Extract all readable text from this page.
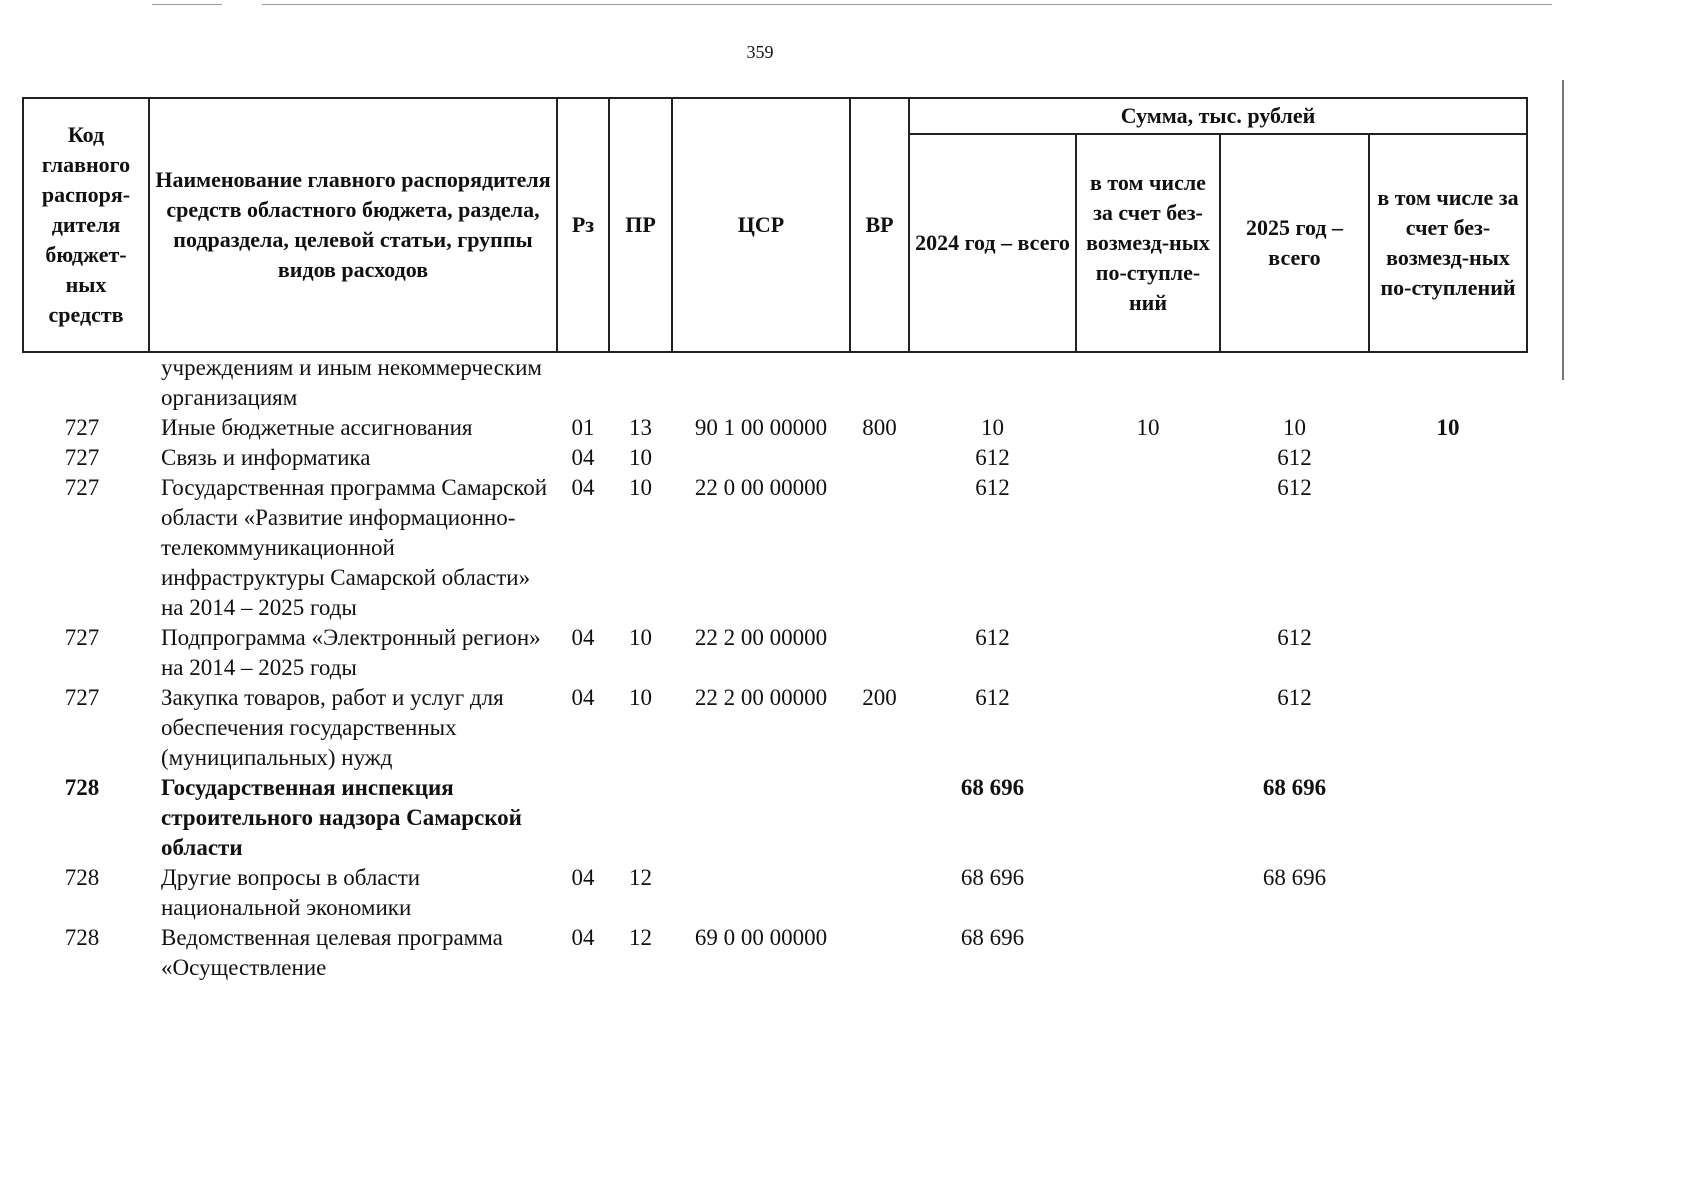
359
Код главного распоря-дителя бюджет-ных средств	Наименование главного распорядителя средств областного бюджета, раздела, подраздела, целевой статьи, группы видов расходов	Рз	ПР	ЦСР	ВР	Сумма, тыс. рублей			
						2024 год – всего	в том числе за счет без-возмезд-ных по-ступле-ний	2025 год – всего	в том числе за счет без-возмезд-ных по-ступлений
	учреждениям и иным некоммерческим организациям								
727	Иные бюджетные ассигнования	01	13	90 1 00 00000	800	10	10	10	10
727	Связь и информатика	04	10			612		612	
727	Государственная программа Самарской области «Развитие информационно-телекоммуникационной инфраструктуры Самарской области» на 2014 – 2025 годы	04	10	22 0 00 00000		612		612	
727	Подпрограмма «Электронный регион» на 2014 – 2025 годы	04	10	22 2 00 00000		612		612	
727	Закупка товаров, работ и услуг для обеспечения государственных (муниципальных) нужд	04	10	22 2 00 00000	200	612		612	
728	Государственная инспекция строительного надзора Самарской области					68 696		68 696	
728	Другие вопросы в области национальной экономики	04	12			68 696		68 696	
728	Ведомственная целевая программа «Осуществление	04	12	69 0 00 00000		68 696			
